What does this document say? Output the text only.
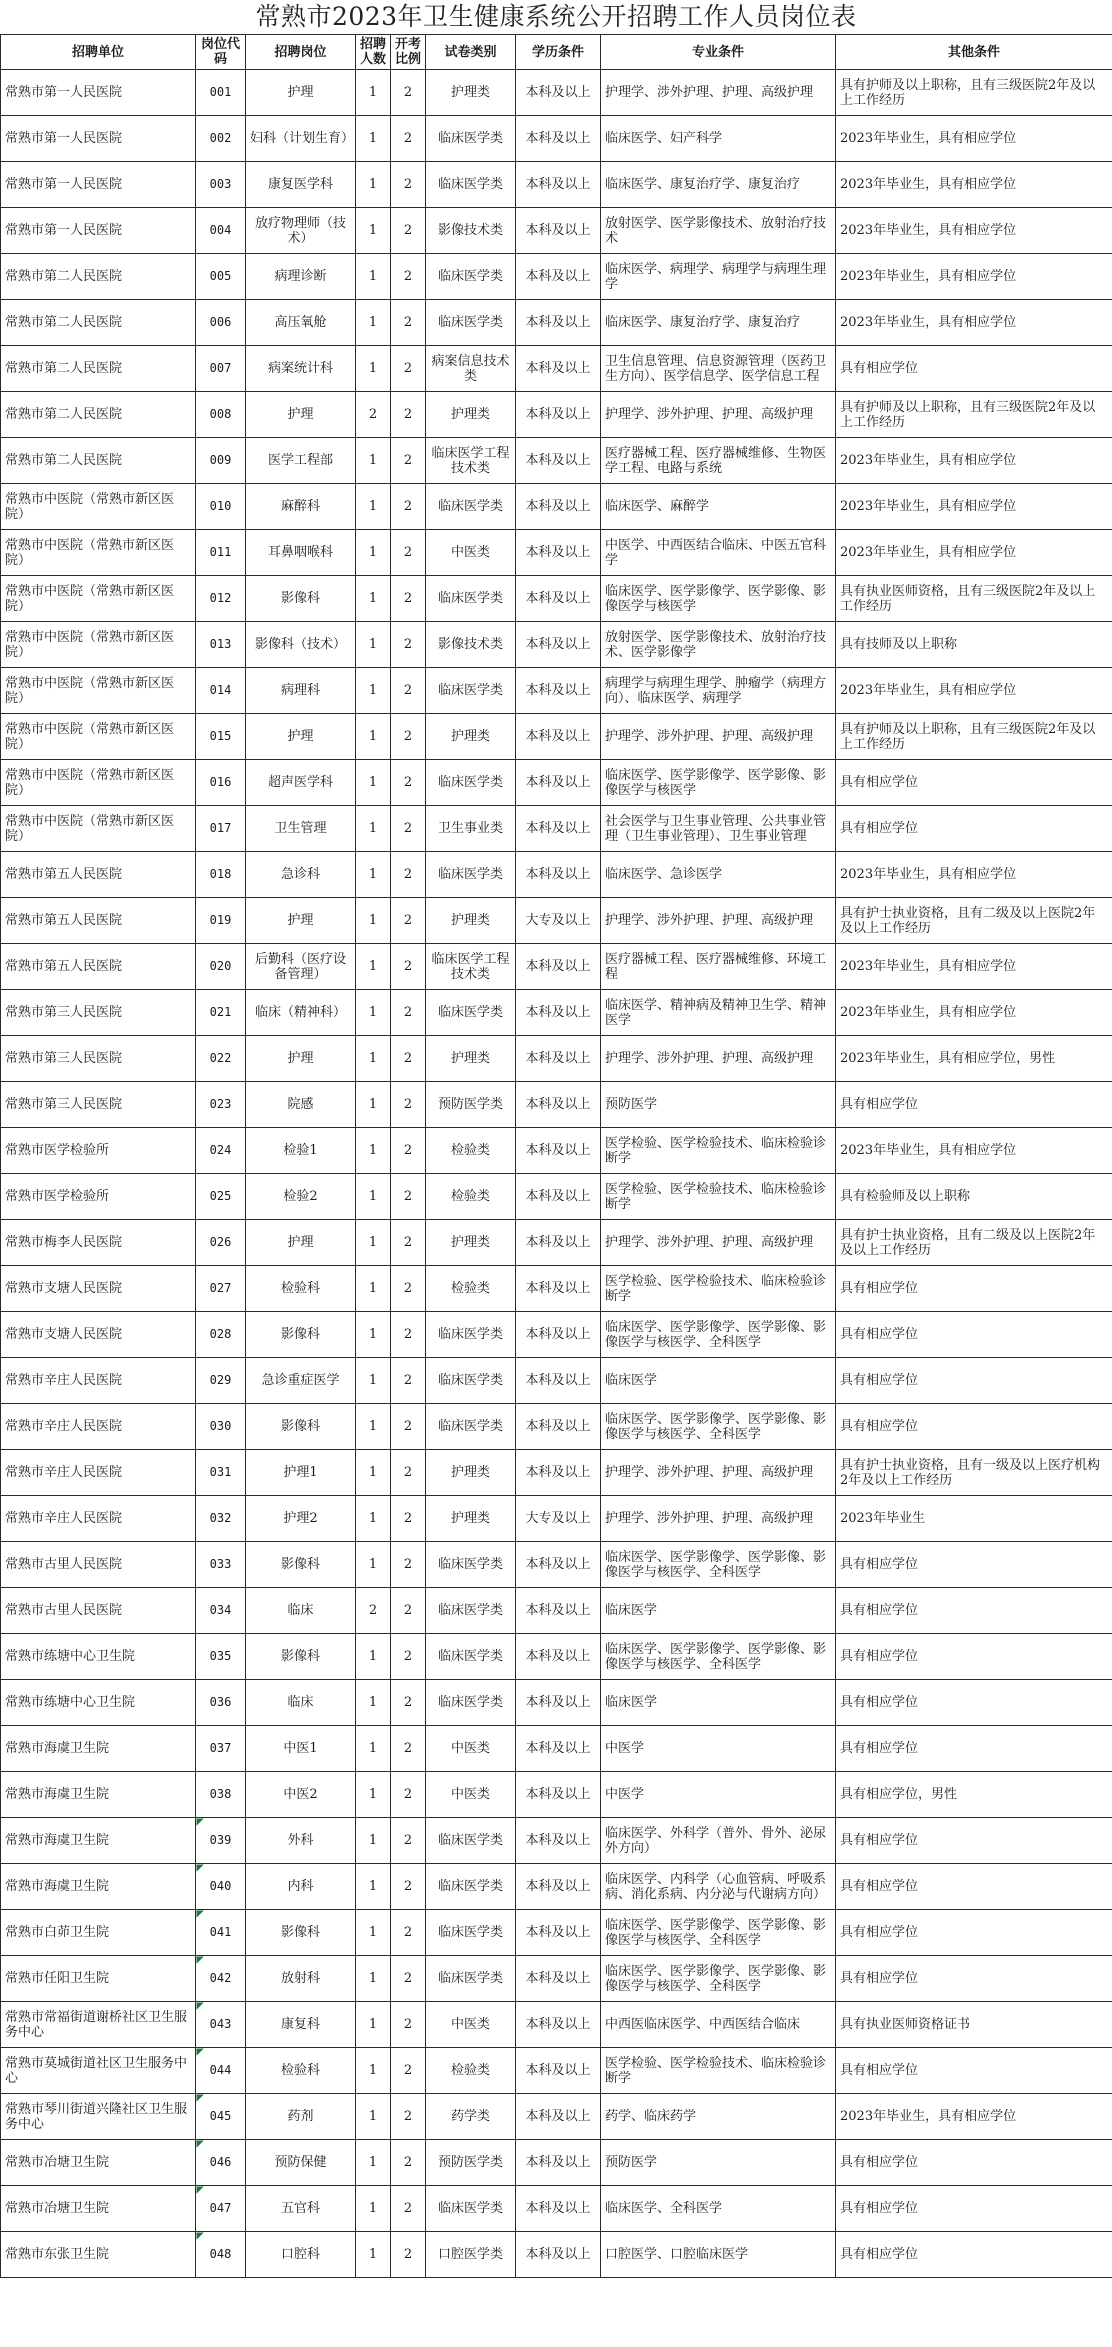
常熟市2023年卫生健康系统公开招聘工作人员岗位表
招聘单位	岗位代码	招聘岗位	招聘人数	开考比例	试卷类别	学历条件	专业条件	其他条件
常熟市第一人民医院	001	护理	1	2	护理类	本科及以上	护理学、涉外护理、护理、高级护理	具有护师及以上职称，且有三级医院2年及以上工作经历
常熟市第一人民医院	002	妇科（计划生育）	1	2	临床医学类	本科及以上	临床医学、妇产科学	2023年毕业生，具有相应学位
常熟市第一人民医院	003	康复医学科	1	2	临床医学类	本科及以上	临床医学、康复治疗学、康复治疗	2023年毕业生，具有相应学位
常熟市第一人民医院	004	放疗物理师（技术）	1	2	影像技术类	本科及以上	放射医学、医学影像技术、放射治疗技术	2023年毕业生，具有相应学位
常熟市第二人民医院	005	病理诊断	1	2	临床医学类	本科及以上	临床医学、病理学、病理学与病理生理学	2023年毕业生，具有相应学位
常熟市第二人民医院	006	高压氧舱	1	2	临床医学类	本科及以上	临床医学、康复治疗学、康复治疗	2023年毕业生，具有相应学位
常熟市第二人民医院	007	病案统计科	1	2	病案信息技术类	本科及以上	卫生信息管理、信息资源管理（医药卫生方向）、医学信息学、医学信息工程	具有相应学位
常熟市第二人民医院	008	护理	2	2	护理类	本科及以上	护理学、涉外护理、护理、高级护理	具有护师及以上职称，且有三级医院2年及以上工作经历
常熟市第二人民医院	009	医学工程部	1	2	临床医学工程技术类	本科及以上	医疗器械工程、医疗器械维修、生物医学工程、电路与系统	2023年毕业生，具有相应学位
常熟市中医院（常熟市新区医院）	010	麻醉科	1	2	临床医学类	本科及以上	临床医学、麻醉学	2023年毕业生，具有相应学位
常熟市中医院（常熟市新区医院）	011	耳鼻咽喉科	1	2	中医类	本科及以上	中医学、中西医结合临床、中医五官科学	2023年毕业生，具有相应学位
常熟市中医院（常熟市新区医院）	012	影像科	1	2	临床医学类	本科及以上	临床医学、医学影像学、医学影像、影像医学与核医学	具有执业医师资格，且有三级医院2年及以上工作经历
常熟市中医院（常熟市新区医院）	013	影像科（技术）	1	2	影像技术类	本科及以上	放射医学、医学影像技术、放射治疗技术、医学影像学	具有技师及以上职称
常熟市中医院（常熟市新区医院）	014	病理科	1	2	临床医学类	本科及以上	病理学与病理生理学、肿瘤学（病理方向）、临床医学、病理学	2023年毕业生，具有相应学位
常熟市中医院（常熟市新区医院）	015	护理	1	2	护理类	本科及以上	护理学、涉外护理、护理、高级护理	具有护师及以上职称，且有三级医院2年及以上工作经历
常熟市中医院（常熟市新区医院）	016	超声医学科	1	2	临床医学类	本科及以上	临床医学、医学影像学、医学影像、影像医学与核医学	具有相应学位
常熟市中医院（常熟市新区医院）	017	卫生管理	1	2	卫生事业类	本科及以上	社会医学与卫生事业管理、公共事业管理（卫生事业管理）、卫生事业管理	具有相应学位
常熟市第五人民医院	018	急诊科	1	2	临床医学类	本科及以上	临床医学、急诊医学	2023年毕业生，具有相应学位
常熟市第五人民医院	019	护理	1	2	护理类	大专及以上	护理学、涉外护理、护理、高级护理	具有护士执业资格，且有二级及以上医院2年及以上工作经历
常熟市第五人民医院	020	后勤科（医疗设备管理）	1	2	临床医学工程技术类	本科及以上	医疗器械工程、医疗器械维修、环境工程	2023年毕业生，具有相应学位
常熟市第三人民医院	021	临床（精神科）	1	2	临床医学类	本科及以上	临床医学、精神病及精神卫生学、精神医学	2023年毕业生，具有相应学位
常熟市第三人民医院	022	护理	1	2	护理类	本科及以上	护理学、涉外护理、护理、高级护理	2023年毕业生，具有相应学位，男性
常熟市第三人民医院	023	院感	1	2	预防医学类	本科及以上	预防医学	具有相应学位
常熟市医学检验所	024	检验1	1	2	检验类	本科及以上	医学检验、医学检验技术、临床检验诊断学	2023年毕业生，具有相应学位
常熟市医学检验所	025	检验2	1	2	检验类	本科及以上	医学检验、医学检验技术、临床检验诊断学	具有检验师及以上职称
常熟市梅李人民医院	026	护理	1	2	护理类	本科及以上	护理学、涉外护理、护理、高级护理	具有护士执业资格，且有二级及以上医院2年及以上工作经历
常熟市支塘人民医院	027	检验科	1	2	检验类	本科及以上	医学检验、医学检验技术、临床检验诊断学	具有相应学位
常熟市支塘人民医院	028	影像科	1	2	临床医学类	本科及以上	临床医学、医学影像学、医学影像、影像医学与核医学、全科医学	具有相应学位
常熟市辛庄人民医院	029	急诊重症医学	1	2	临床医学类	本科及以上	临床医学	具有相应学位
常熟市辛庄人民医院	030	影像科	1	2	临床医学类	本科及以上	临床医学、医学影像学、医学影像、影像医学与核医学、全科医学	具有相应学位
常熟市辛庄人民医院	031	护理1	1	2	护理类	本科及以上	护理学、涉外护理、护理、高级护理	具有护士执业资格，且有一级及以上医疗机构2年及以上工作经历
常熟市辛庄人民医院	032	护理2	1	2	护理类	大专及以上	护理学、涉外护理、护理、高级护理	2023年毕业生
常熟市古里人民医院	033	影像科	1	2	临床医学类	本科及以上	临床医学、医学影像学、医学影像、影像医学与核医学、全科医学	具有相应学位
常熟市古里人民医院	034	临床	2	2	临床医学类	本科及以上	临床医学	具有相应学位
常熟市练塘中心卫生院	035	影像科	1	2	临床医学类	本科及以上	临床医学、医学影像学、医学影像、影像医学与核医学、全科医学	具有相应学位
常熟市练塘中心卫生院	036	临床	1	2	临床医学类	本科及以上	临床医学	具有相应学位
常熟市海虞卫生院	037	中医1	1	2	中医类	本科及以上	中医学	具有相应学位
常熟市海虞卫生院	038	中医2	1	2	中医类	本科及以上	中医学	具有相应学位，男性
常熟市海虞卫生院	039	外科	1	2	临床医学类	本科及以上	临床医学、外科学（普外、骨外、泌尿外方向）	具有相应学位
常熟市海虞卫生院	040	内科	1	2	临床医学类	本科及以上	临床医学、内科学（心血管病、呼吸系病、消化系病、内分泌与代谢病方向）	具有相应学位
常熟市白茆卫生院	041	影像科	1	2	临床医学类	本科及以上	临床医学、医学影像学、医学影像、影像医学与核医学、全科医学	具有相应学位
常熟市任阳卫生院	042	放射科	1	2	临床医学类	本科及以上	临床医学、医学影像学、医学影像、影像医学与核医学、全科医学	具有相应学位
常熟市常福街道谢桥社区卫生服务中心	043	康复科	1	2	中医类	本科及以上	中西医临床医学、中西医结合临床	具有执业医师资格证书
常熟市莫城街道社区卫生服务中心	044	检验科	1	2	检验类	本科及以上	医学检验、医学检验技术、临床检验诊断学	具有相应学位
常熟市琴川街道兴隆社区卫生服务中心	045	药剂	1	2	药学类	本科及以上	药学、临床药学	2023年毕业生，具有相应学位
常熟市冶塘卫生院	046	预防保健	1	2	预防医学类	本科及以上	预防医学	具有相应学位
常熟市冶塘卫生院	047	五官科	1	2	临床医学类	本科及以上	临床医学、全科医学	具有相应学位
常熟市东张卫生院	048	口腔科	1	2	口腔医学类	本科及以上	口腔医学、口腔临床医学	具有相应学位
